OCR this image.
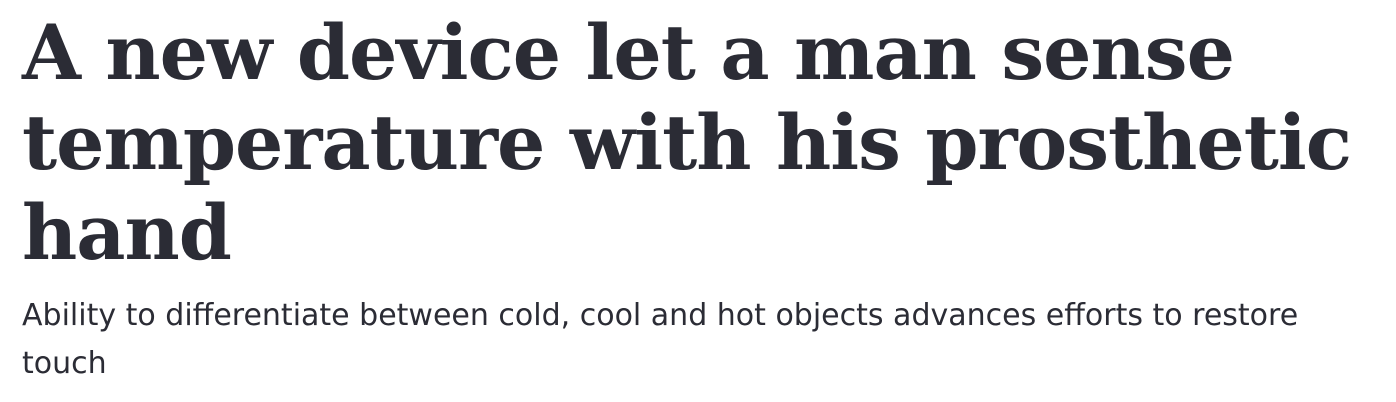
A new device let a man sense temperature with his prosthetic hand

Ability to differentiate between cold, cool and hot objects advances efforts to restore touch
